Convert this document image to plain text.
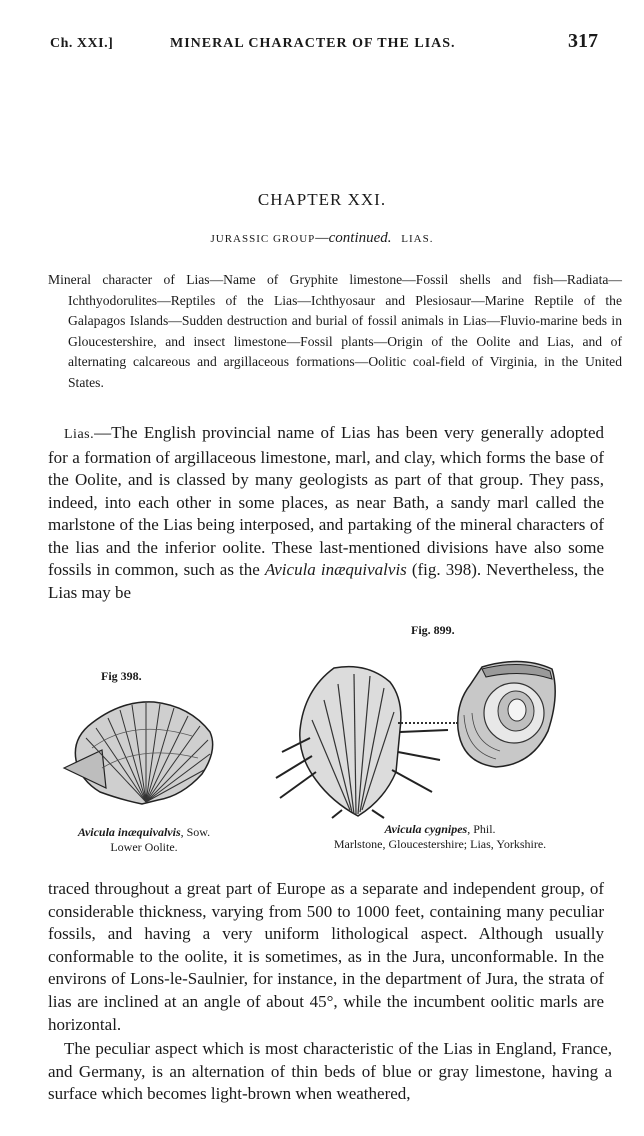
Ch. XXI.]	MINERAL CHARACTER OF THE LIAS.	317
CHAPTER XXI.
JURASSIC GROUP—continued. LIAS.
Mineral character of Lias—Name of Gryphite limestone—Fossil shells and fish—Radiata—Ichthyodorulites—Reptiles of the Lias—Ichthyosaur and Plesiosaur—Marine Reptile of the Galapagos Islands—Sudden destruction and burial of fossil animals in Lias—Fluvio-marine beds in Gloucestershire, and insect limestone—Fossil plants—Origin of the Oolite and Lias, and of alternating calcareous and argillaceous formations—Oolitic coal-field of Virginia, in the United States.
Lias.—The English provincial name of Lias has been very generally adopted for a formation of argillaceous limestone, marl, and clay, which forms the base of the Oolite, and is classed by many geologists as part of that group. They pass, indeed, into each other in some places, as near Bath, a sandy marl called the marlstone of the Lias being interposed, and partaking of the mineral characters of the lias and the inferior oolite. These last-mentioned divisions have also some fossils in common, such as the Avicula inæquivalvis (fig. 398). Nevertheless, the Lias may be
Fig 398.
Fig. 899.
Avicula inæquivalvis, Sow.
Lower Oolite.
Avicula cygnipes, Phil.
Marlstone, Gloucestershire; Lias, Yorkshire.
traced throughout a great part of Europe as a separate and independent group, of considerable thickness, varying from 500 to 1000 feet, containing many peculiar fossils, and having a very uniform lithological aspect. Although usually conformable to the oolite, it is sometimes, as in the Jura, unconformable. In the environs of Lons-le-Saulnier, for instance, in the department of Jura, the strata of lias are inclined at an angle of about 45°, while the incumbent oolitic marls are horizontal.
The peculiar aspect which is most characteristic of the Lias in England, France, and Germany, is an alternation of thin beds of blue or gray limestone, having a surface which becomes light-brown when weathered,
